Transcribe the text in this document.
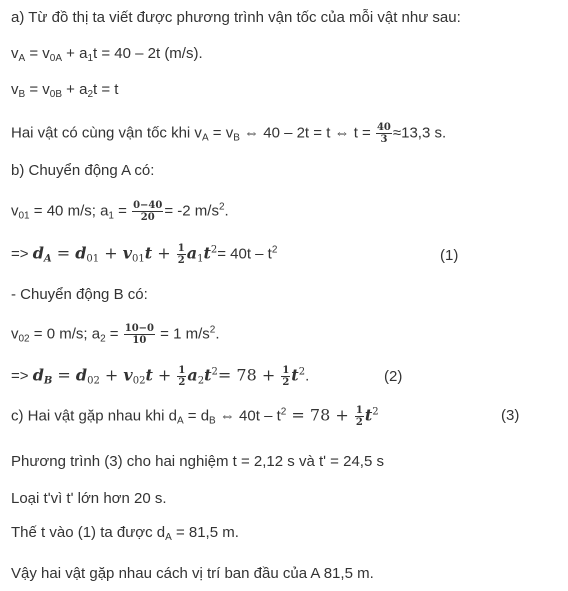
a) Từ đồ thị ta viết được phương trình vận tốc của mỗi vật như sau:
$v_A = v_{0A} + a_1t = 40 - 2t$ (m/s).
$v_B = v_{0B} + a_2t = t$
Hai vật có cùng vận tốc khi $v_A = v_B$ ⇔ 40 – 2t = t ⇔ $t = \frac{40}{3} \approx 13,3$ s.
b) Chuyển động A có:
$v_{01} = 40$ m/s; $a_1 = \frac{0-40}{20} = -2$ $m/s^2$.
=> $d_A = d_{01} + v_{01}t + \frac{1}{2} a_1t^2= 40t - t^2$	(1)
- Chuyển động B có:
$v_{02} = 0$ m/s; $a_2 = \frac{10-0}{10} = 1$ $m/s^2$.
=> $d_B = d_{02} + v_{02}t + \frac{1}{2} a_2t^2= 78 + \frac{1}{2} t^2$.	(2)
c) Hai vật gặp nhau khi $d_A = d_B$ ⇔ $40t - t^2 = 78 + \frac{1}{2} t^2$	(3)
Phương trình (3) cho hai nghiệm t = 2,12 s và tʹ = 24,5 s
Loại tʹvì tʹ lớn hơn 20 s.
Thế t vào (1) ta được $d_A = 81,5$ m.
Vậy hai vật gặp nhau cách vị trí ban đầu của A 81,5 m.
